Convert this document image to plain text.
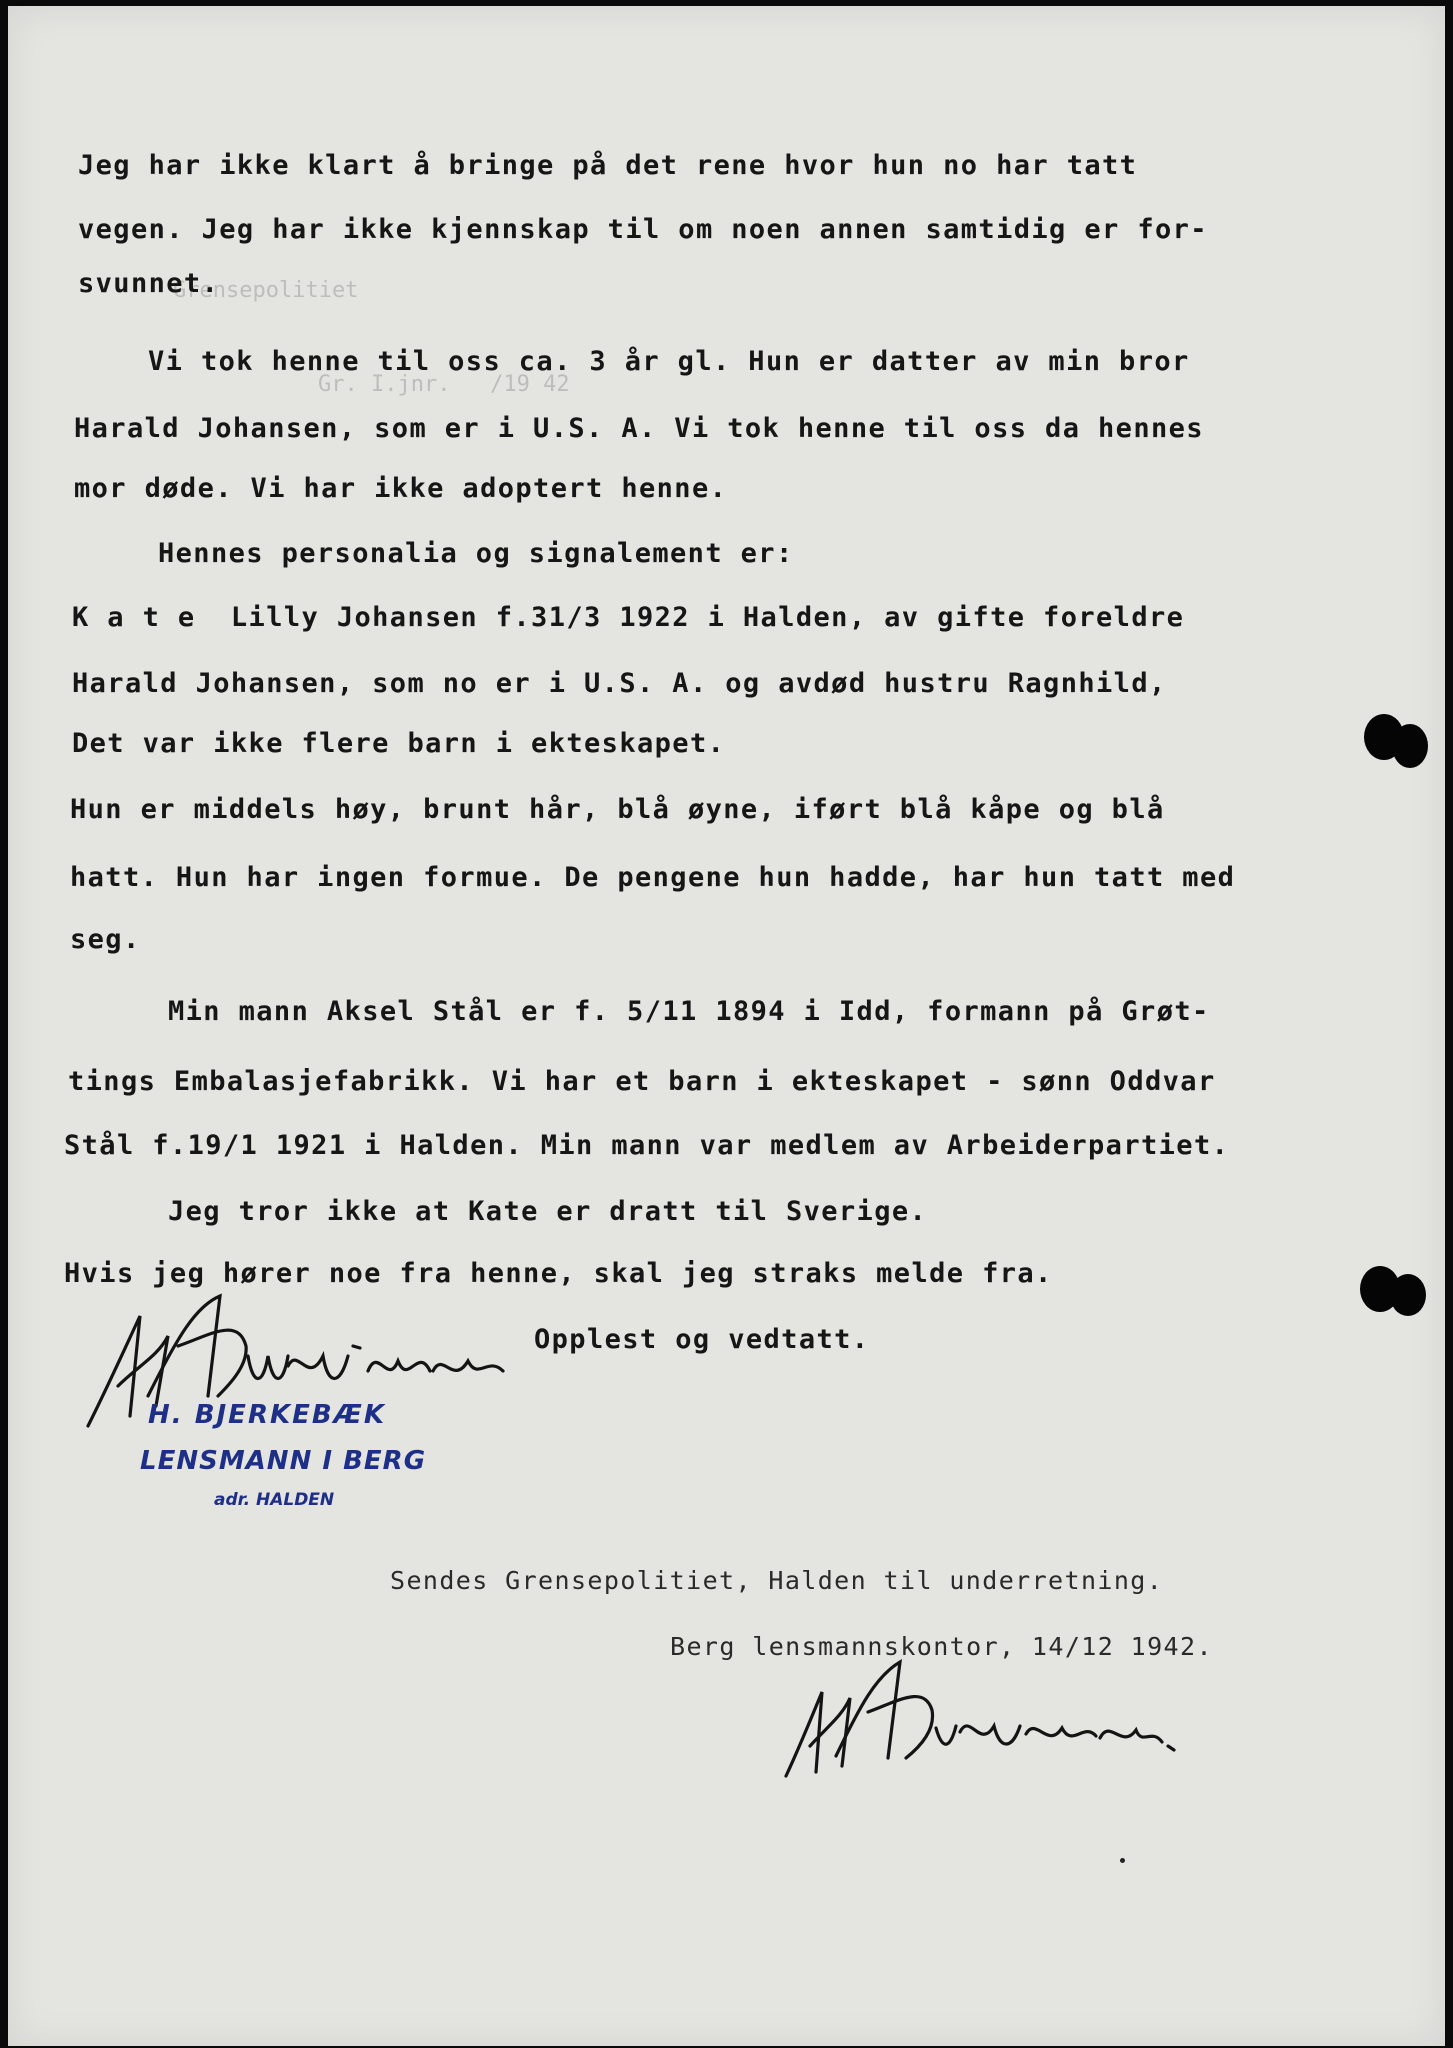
Grensepolitiet
Gr. I.jnr.   /19 42
Jeg har ikke klart å bringe på det rene hvor hun no har tatt
vegen. Jeg har ikke kjennskap til om noen annen samtidig er for-
svunnet.
Vi tok henne til oss ca. 3 år gl. Hun er datter av min bror
Harald Johansen, som er i U.S. A. Vi tok henne til oss da hennes
mor døde. Vi har ikke adoptert henne.
Hennes personalia og signalement er:
K a t e  Lilly Johansen f.31/3 1922 i Halden, av gifte foreldre
Harald Johansen, som no er i U.S. A. og avdød hustru Ragnhild,
Det var ikke flere barn i ekteskapet.
Hun er middels høy, brunt hår, blå øyne, iført blå kåpe og blå
hatt. Hun har ingen formue. De pengene hun hadde, har hun tatt med
seg.
Min mann Aksel Stål er f. 5/11 1894 i Idd, formann på Grøt-
tings Embalasjefabrikk. Vi har et barn i ekteskapet - sønn Oddvar
Stål f.19/1 1921 i Halden. Min mann var medlem av Arbeiderpartiet.
Jeg tror ikke at Kate er dratt til Sverige.
Hvis jeg hører noe fra henne, skal jeg straks melde fra.
Opplest og vedtatt.
H. BJERKEBÆK
LENSMANN I BERG
adr. HALDEN
Sendes Grensepolitiet, Halden til underretning.
Berg lensmannskontor, 14/12 1942.
